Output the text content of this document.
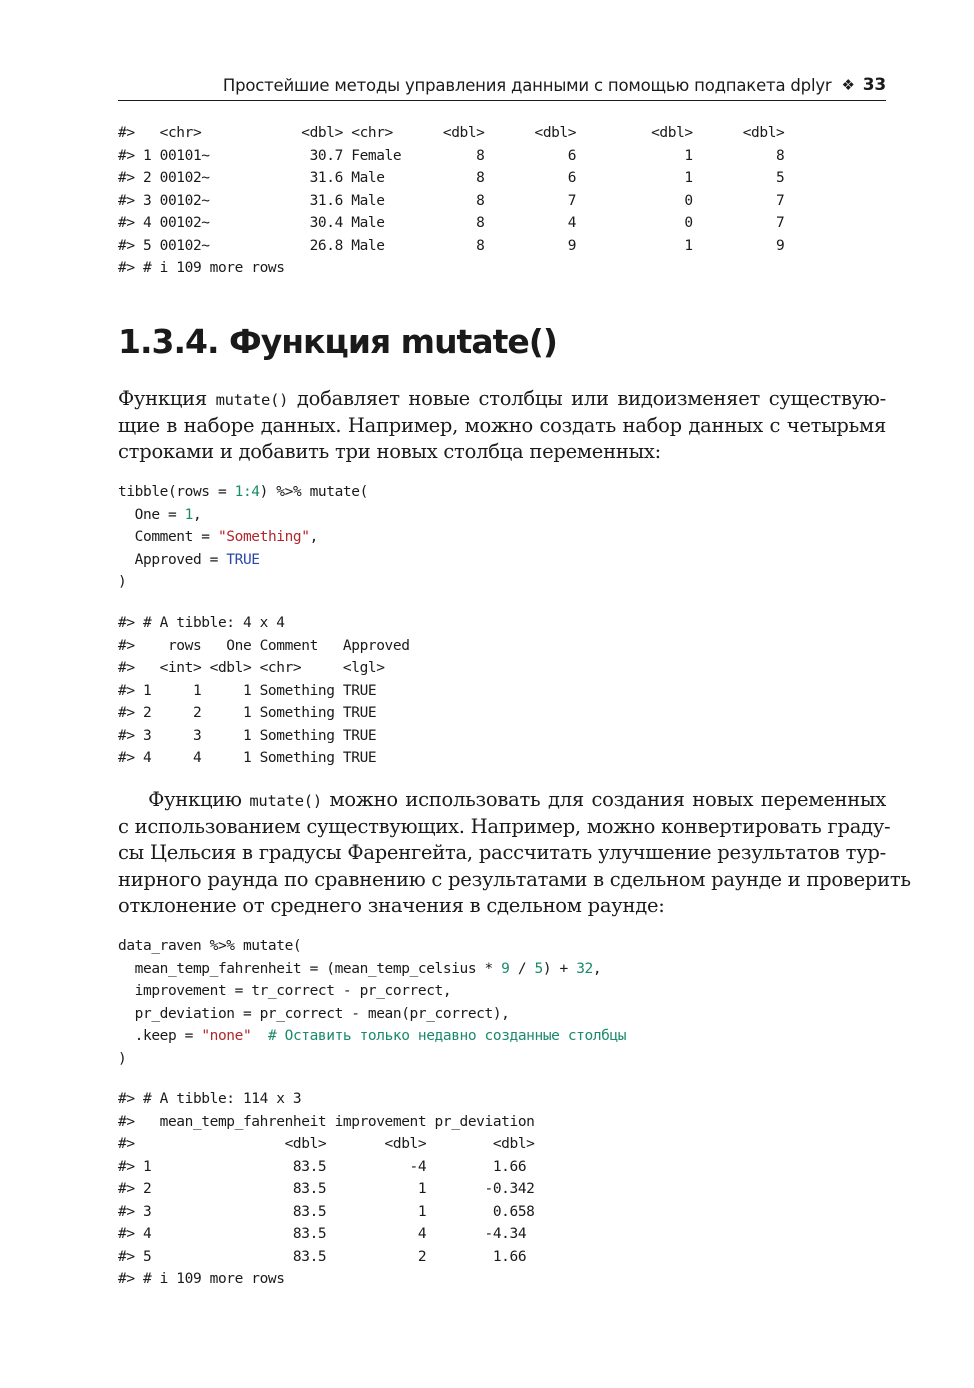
Простейшие методы управления данными с помощью подпакета dplyr ❖ 33
#>   <chr>            <dbl> <chr>      <dbl>      <dbl>         <dbl>      <dbl>
#> 1 00101~            30.7 Female         8          6             1          8
#> 2 00102~            31.6 Male           8          6             1          5
#> 3 00102~            31.6 Male           8          7             0          7
#> 4 00102~            30.4 Male           8          4             0          7
#> 5 00102~            26.8 Male           8          9             1          9
#> # i 109 more rows
1.3.4. Функция mutate()

Функция mutate() добавляет новые столбцы или видоизменяет существую-
щие в наборе данных. Например, можно создать набор данных с четырьмя
строками и добавить три новых столбца переменных:

tibble(rows = 1:4) %>% mutate(
One = 1,
Comment = "Something",
Approved = TRUE
)
#> # A tibble: 4 x 4
#>    rows   One Comment   Approved
#>   <int> <dbl> <chr>     <lgl>
#> 1     1     1 Something TRUE
#> 2     2     1 Something TRUE
#> 3     3     1 Something TRUE
#> 4     4     1 Something TRUE

Функцию mutate() можно использовать для создания новых переменных
с использованием существующих. Например, можно конвертировать граду-
сы Цельсия в градусы Фаренгейта, рассчитать улучшение результатов тур-
нирного раунда по сравнению с результатами в сдельном раунде и проверить
отклонение от среднего значения в сдельном раунде:

data_raven %>% mutate(
mean_temp_fahrenheit = (mean_temp_celsius * 9 / 5) + 32,
improvement = tr_correct - pr_correct,
pr_deviation = pr_correct - mean(pr_correct),
.keep = "none"  # Оставить только недавно созданные столбцы
)
#> # A tibble: 114 x 3
#>   mean_temp_fahrenheit improvement pr_deviation
#>                  <dbl>       <dbl>        <dbl>
#> 1                 83.5          -4        1.66
#> 2                 83.5           1       -0.342
#> 3                 83.5           1        0.658
#> 4                 83.5           4       -4.34
#> 5                 83.5           2        1.66
#> # i 109 more rows
